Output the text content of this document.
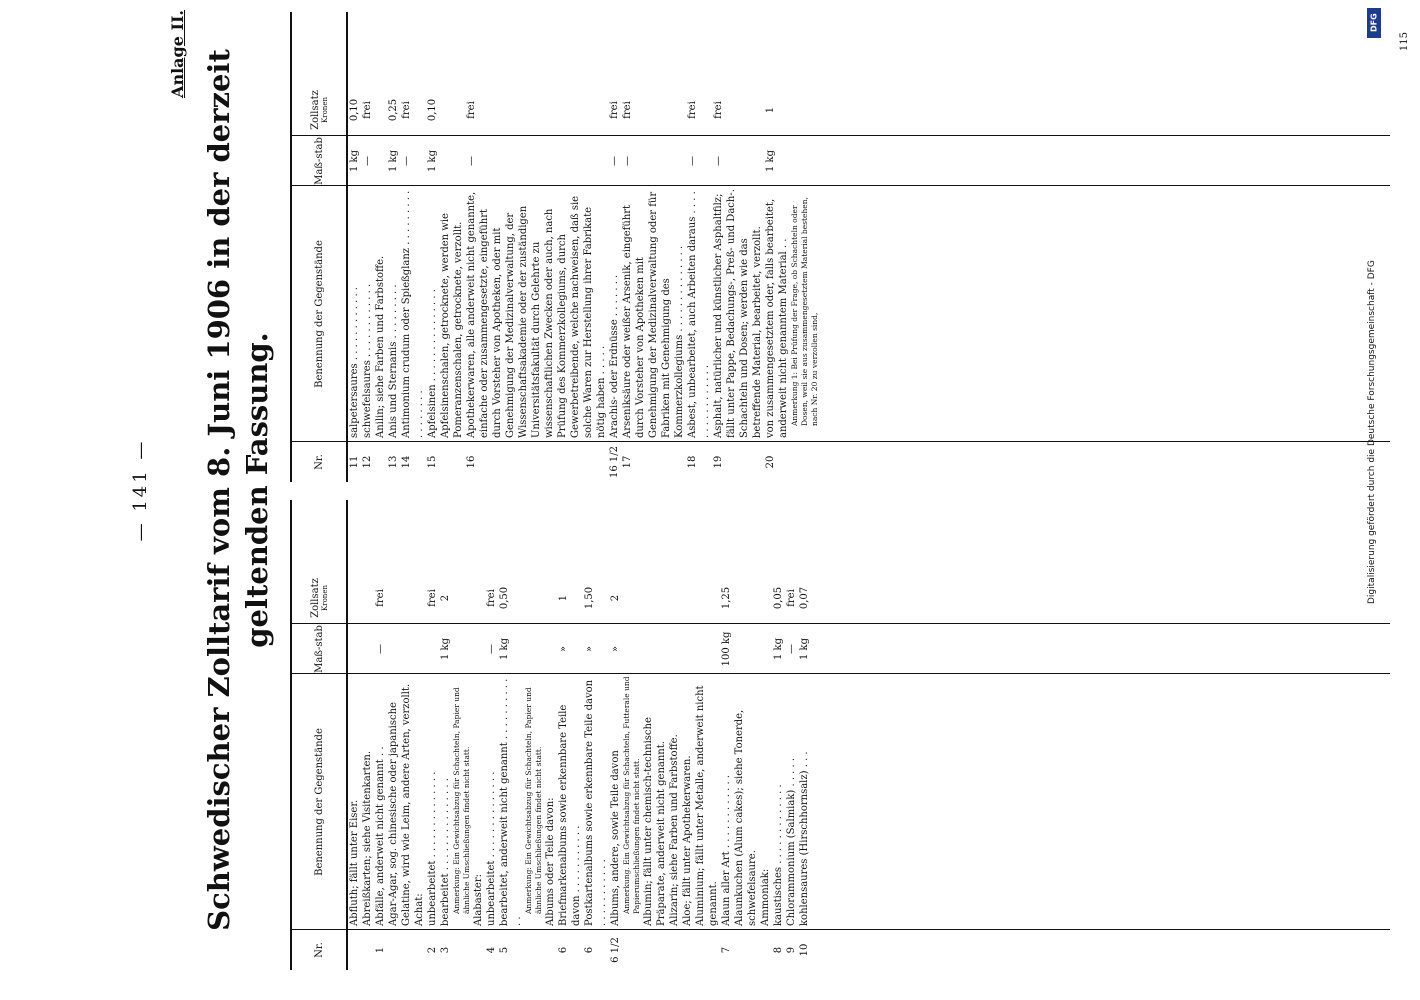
DFG
Digitalisierung gefördert durch die Deutsche Forschungsgemeinschaft - DFG
— 141 —
Anlage II. Schwedischer Zolltarif vom 8. Juni 1906 in der derzeit geltenden Fassung.
Nr.
Benennung der Gegenstände
Maß-stab
Zollsatz Kronen
Abfluth; fällt unter Eiser. Abreißkarten; siehe Visitenkarten.
1
Abfälle, anderweit nicht genannt . .
—
frei
Agar-Agar, sog. chinesische oder japanische Gelatine, wird wie Leim, andere Arten, verzollt. Achat:
2
unbearbeitet . . . . . . . . . . . . . .
frei
3
bearbeitet . . . . . . . . . . . . . . . Anmerkung: Ein Gewichtsabzug für Schachteln, Papier und ähnliche Umschließungen findet nicht statt.
1 kg
2
Alabaster:
4
unbearbeitet . . . . . . . . . . . . . .
—
frei
5
bearbeitet, anderweit nicht genannt . . . . . . . . . . . .
Anmerkung: Ein Gewichtsabzug für Schachteln, Papier und ähnliche Umschließungen findet nicht statt.
1 kg
0,50
Albums oder Teile davon:
6
Briefmarkenalbums sowie erkennbare Teile davon . . . . . . . . . . .
»
1
6
Postkartenalbums sowie erkennbare Teile davon . . . . . . . . . . .
»
1,50
6 1/2
Albums, andere, sowie Teile davon Anmerkung. Ein Gewichtsabzug für Schachteln, Futterale und Papierumschließungen findet nicht statt.
»
2
Albumin; fällt unter chemisch-technische Präparate, anderweit nicht genannt. Alizarin; siehe Farben und Farbstoffe. Aloe; fällt unter Apothekerwaren. Aluminium; fällt unter Metalle, anderweit nicht genannt.
7
Alaun aller Art . . . . . . . . . . . .
100 kg
1,25
Alaunkuchen (Alum cakes); siehe Tonerde, schwefelsaure. Ammoniak:
8
kaustisches . . . . . . . . . . . . .
1 kg
0,05
9
Chlorammonium (Salmiak) . . . . .
—
frei
10
kohlensaures (Hirschhornsalz) . . .
1 kg
0,07
Nr.
Benennung der Gegenstände
Maß-stab
Zollsatz Kronen
11
salpetersaures . . . . . . . . . . . .
1 kg
0,10
12
schwefelsaures . . . . . . . . . . . .
—
frei
Anilin; siehe Farben und Farbstoffe.
13
Anis und Sternanis . . . . . . . . .
1 kg
0,25
14
Antimonium crudum oder Spießglanz . . . . . . . . . . . . . . . . .
—
frei
15
Apfelsinen . . . . . . . . . . . . . . .
1 kg
0,10
Apfelsinenschalen, getrocknete, werden wie Pomeranzenschalen, getrocknete, verzollt.
16
Apothekerwaren, alle anderweit nicht genannte, einfache oder zusammengesetzte, eingeführt durch Vorsteher von Apotheken, oder mit Genehmigung der Medizinalverwaltung, der Wissenschaftsakademie oder der zuständigen Universitätsfakultät durch Gelehrte zu wissenschaftlichen Zwecken oder auch, nach Prüfung des Kommerzkollegiums, durch Gewerbetreibende, welche nachweisen, daß sie solche Waren zur Herstellung ihrer Fabrikate nötig haben . . . . .
—
frei
16 1/2
Arachis- oder Erdnüsse . . . . . . .
—
frei
17
Arseniksäure oder weißer Arsenik, eingeführt durch Vorsteher von Apotheken mit Genehmigung der Medizinalverwaltung oder für Fabriken mit Genehmigung des Kommerzkollegiums . . . . . . . . . . . . . .
—
frei
18
Asbest, unbearbeitet, auch Arbeiten daraus . . . . . . . . . . . . . . . .
—
frei
19
Asphalt, natürlicher und künstlicher Asphaltfilz; fällt unter Pappe, Bedachungs-, Preß- und Dach-.
—
frei
Schachteln und Dosen; werden wie das betreffende Material, bearbeitet, verzollt.
20
von zusammengesetztem oder, falls bearbeitet, anderweit nicht genanntem Material . . Anmerkung 1: Bei Prüfung der Frage, ob Schachteln oder Dosen, weil sie aus zusammengesetztem Material bestehen, nach Nr. 20 zu verzollen sind,
1 kg
1
115
